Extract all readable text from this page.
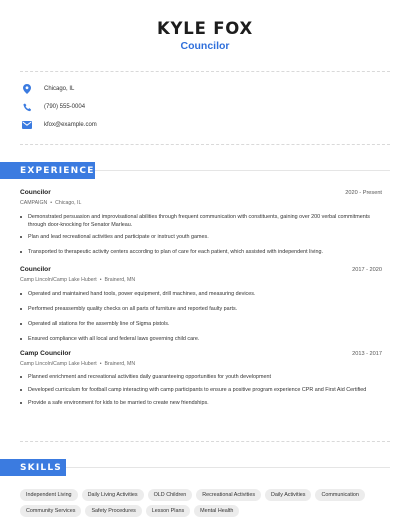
KYLE FOX
Councilor
Chicago, IL
(790) 555-0004
kfox@example.com
EXPERIENCE
Councilor	2020 - Present
CAMPAIGN • Chicago, IL
Demonstrated persuasion and improvisational abilities through frequent communication with constituents, gaining over 200 verbal commitments through door-knocking for Senator Marleau.
Plan and lead recreational activities and participate or instruct youth games.
Transported to therapeutic activity centers according to plan of care for each patient, which assisted with independent living.
Councilor	2017 - 2020
Camp Lincoln/Camp Lake Hubert • Brainerd, MN
Operated and maintained hand tools, power equipment, drill machines, and measuring devices.
Performed preassembly quality checks on all parts of furniture and reported faulty parts.
Operated all stations for the assembly line of Sigma pistols.
Ensured compliance with all local and federal laws governing child care.
Camp Councilor	2013 - 2017
Camp Lincoln/Camp Lake Hubert • Brainerd, MN
Planned enrichment and recreational activities daily guaranteeing opportunities for youth development
Developed curriculum for football camp interacting with camp participants to ensure a positive program experience CPR and First Aid Certified
Provide a safe environment for kids to be married to create new friendships.
SKILLS
Independent Living	Daily Living Activities	OLD Children	Recreational Activities	Daily Activities	Communication
Community Services	Safety Procedures	Lesson Plans	Mental Health
